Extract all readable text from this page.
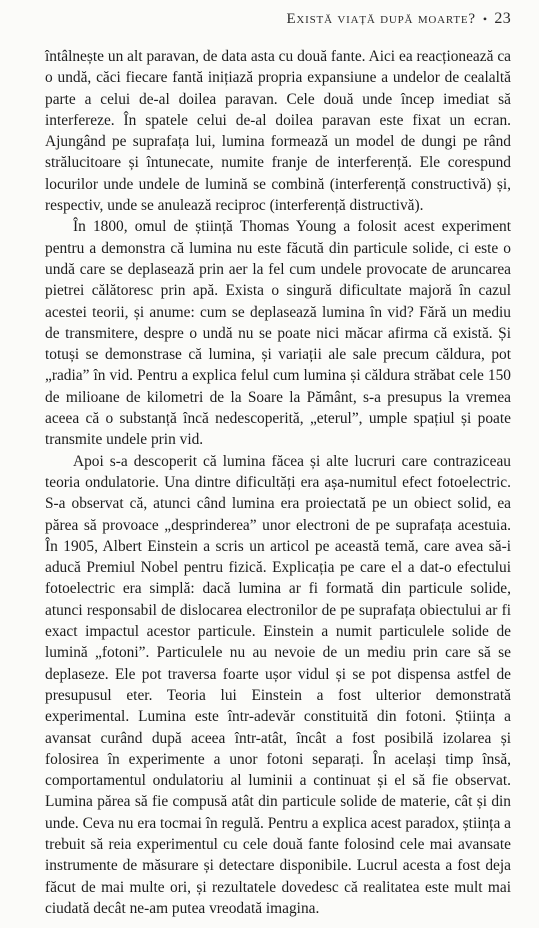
Există viață după moarte? • 23

întâlnește un alt paravan, de data asta cu două fante. Aici ea reacționează ca o undă, căci fiecare fantă inițiază propria expansiune a undelor de cealaltă parte a celui de-al doilea paravan. Cele două unde încep imediat să interfereze. În spatele celui de-al doilea paravan este fixat un ecran. Ajungând pe suprafața lui, lumina formează un model de dungi pe rând strălucitoare și întunecate, numite franje de interferență. Ele corespund locurilor unde undele de lumină se combină (interferență constructivă) și, respectiv, unde se anulează reciproc (interferență distructivă).

În 1800, omul de știință Thomas Young a folosit acest experiment pentru a demonstra că lumina nu este făcută din particule solide, ci este o undă care se deplasează prin aer la fel cum undele provocate de aruncarea pietrei călătoresc prin apă. Exista o singură dificultate majoră în cazul acestei teorii, și anume: cum se deplasează lumina în vid? Fără un mediu de transmitere, despre o undă nu se poate nici măcar afirma că există. Și totuși se demonstrase că lumina, și variații ale sale precum căldura, pot „radia” în vid. Pentru a explica felul cum lumina și căldura străbat cele 150 de milioane de kilometri de la Soare la Pământ, s-a presupus la vremea aceea că o substanță încă nedescoperită, „eterul”, umple spațiul și poate transmite undele prin vid.

Apoi s-a descoperit că lumina făcea și alte lucruri care contraziceau teoria ondulatorie. Una dintre dificultăți era așa-numitul efect fotoelectric. S-a observat că, atunci când lumina era proiectată pe un obiect solid, ea părea să provoace „desprinderea” unor electroni de pe suprafața acestuia. În 1905, Albert Einstein a scris un articol pe această temă, care avea să-i aducă Premiul Nobel pentru fizică. Explicația pe care el a dat-o efectului fotoelectric era simplă: dacă lumina ar fi formată din particule solide, atunci responsabil de dislocarea electronilor de pe suprafața obiectului ar fi exact impactul acestor particule. Einstein a numit particulele solide de lumină „fotoni”. Particulele nu au nevoie de un mediu prin care să se deplaseze. Ele pot traversa foarte ușor vidul și se pot dispensa astfel de presupusul eter. Teoria lui Einstein a fost ulterior demonstrată experimental. Lumina este într-adevăr constituită din fotoni. Știința a avansat curând după aceea într-atât, încât a fost posibilă izolarea și folosirea în experimente a unor fotoni separați. În același timp însă, comportamentul ondulatoriu al luminii a continuat și el să fie observat. Lumina părea să fie compusă atât din particule solide de materie, cât și din unde. Ceva nu era tocmai în regulă. Pentru a explica acest paradox, știința a trebuit să reia experimentul cu cele două fante folosind cele mai avansate instrumente de măsurare și detectare disponibile. Lucrul acesta a fost deja făcut de mai multe ori, și rezultatele dovedesc că realitatea este mult mai ciudată decât ne-am putea vreodată imagina.
